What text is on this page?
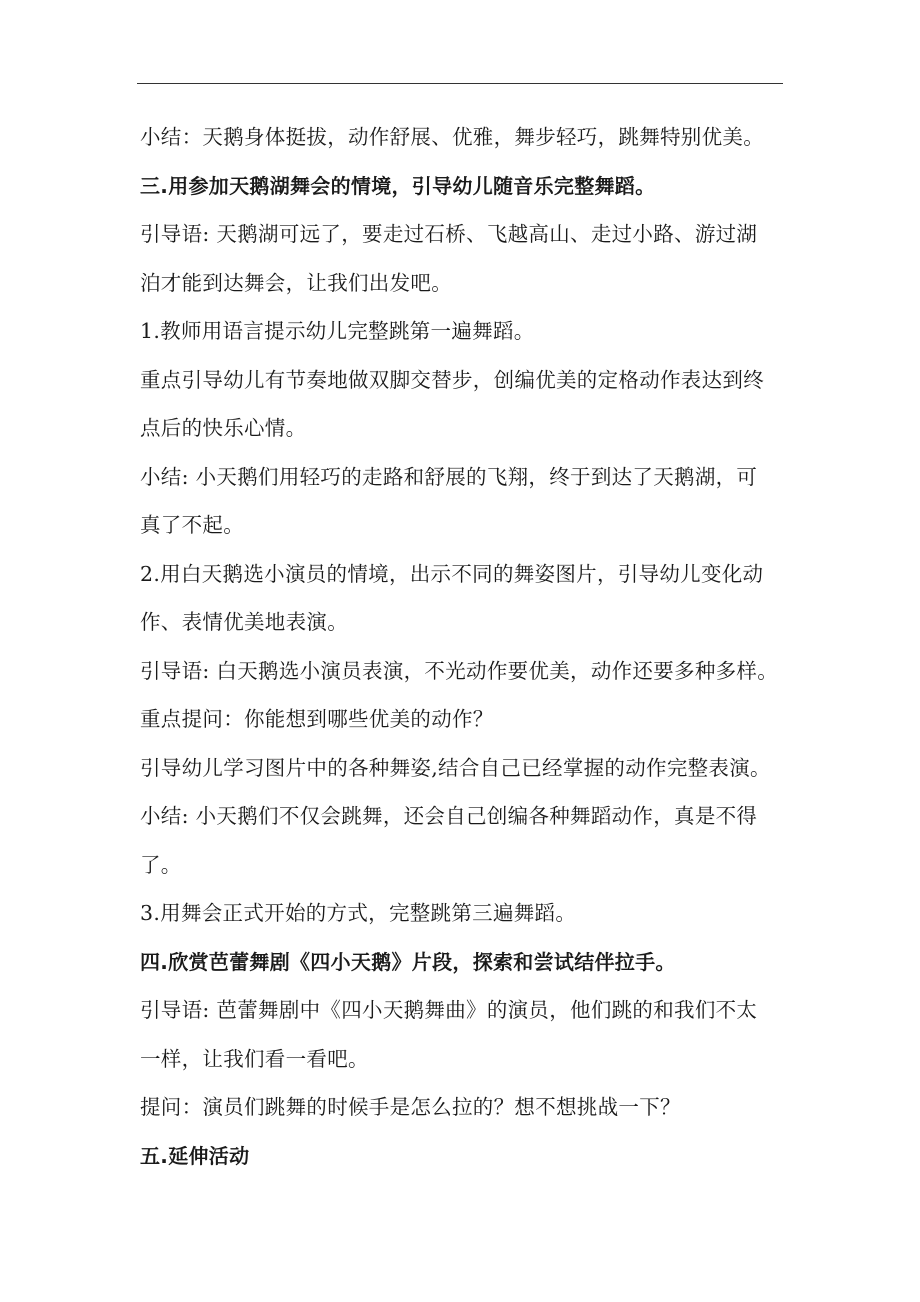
小结：天鹅身体挺拔，动作舒展、优雅，舞步轻巧，跳舞特别优美。
三.用参加天鹅湖舞会的情境，引导幼儿随音乐完整舞蹈。
引导语: 天鹅湖可远了，要走过石桥、飞越高山、走过小路、游过湖
泊才能到达舞会，让我们出发吧。
1.教师用语言提示幼儿完整跳第一遍舞蹈。
重点引导幼儿有节奏地做双脚交替步，创编优美的定格动作表达到终
点后的快乐心情。
小结: 小天鹅们用轻巧的走路和舒展的飞翔，终于到达了天鹅湖，可
真了不起。
2.用白天鹅选小演员的情境，出示不同的舞姿图片，引导幼儿变化动
作、表情优美地表演。
引导语: 白天鹅选小演员表演，不光动作要优美，动作还要多种多样。
重点提问：你能想到哪些优美的动作？
引导幼儿学习图片中的各种舞姿,结合自己已经掌握的动作完整表演。
小结: 小天鹅们不仅会跳舞，还会自己创编各种舞蹈动作，真是不得
了。
3.用舞会正式开始的方式，完整跳第三遍舞蹈。
四.欣赏芭蕾舞剧《四小天鹅》片段，探索和尝试结伴拉手。
引导语: 芭蕾舞剧中《四小天鹅舞曲》的演员，他们跳的和我们不太
一样，让我们看一看吧。
提问：演员们跳舞的时候手是怎么拉的？想不想挑战一下？
五.延伸活动
